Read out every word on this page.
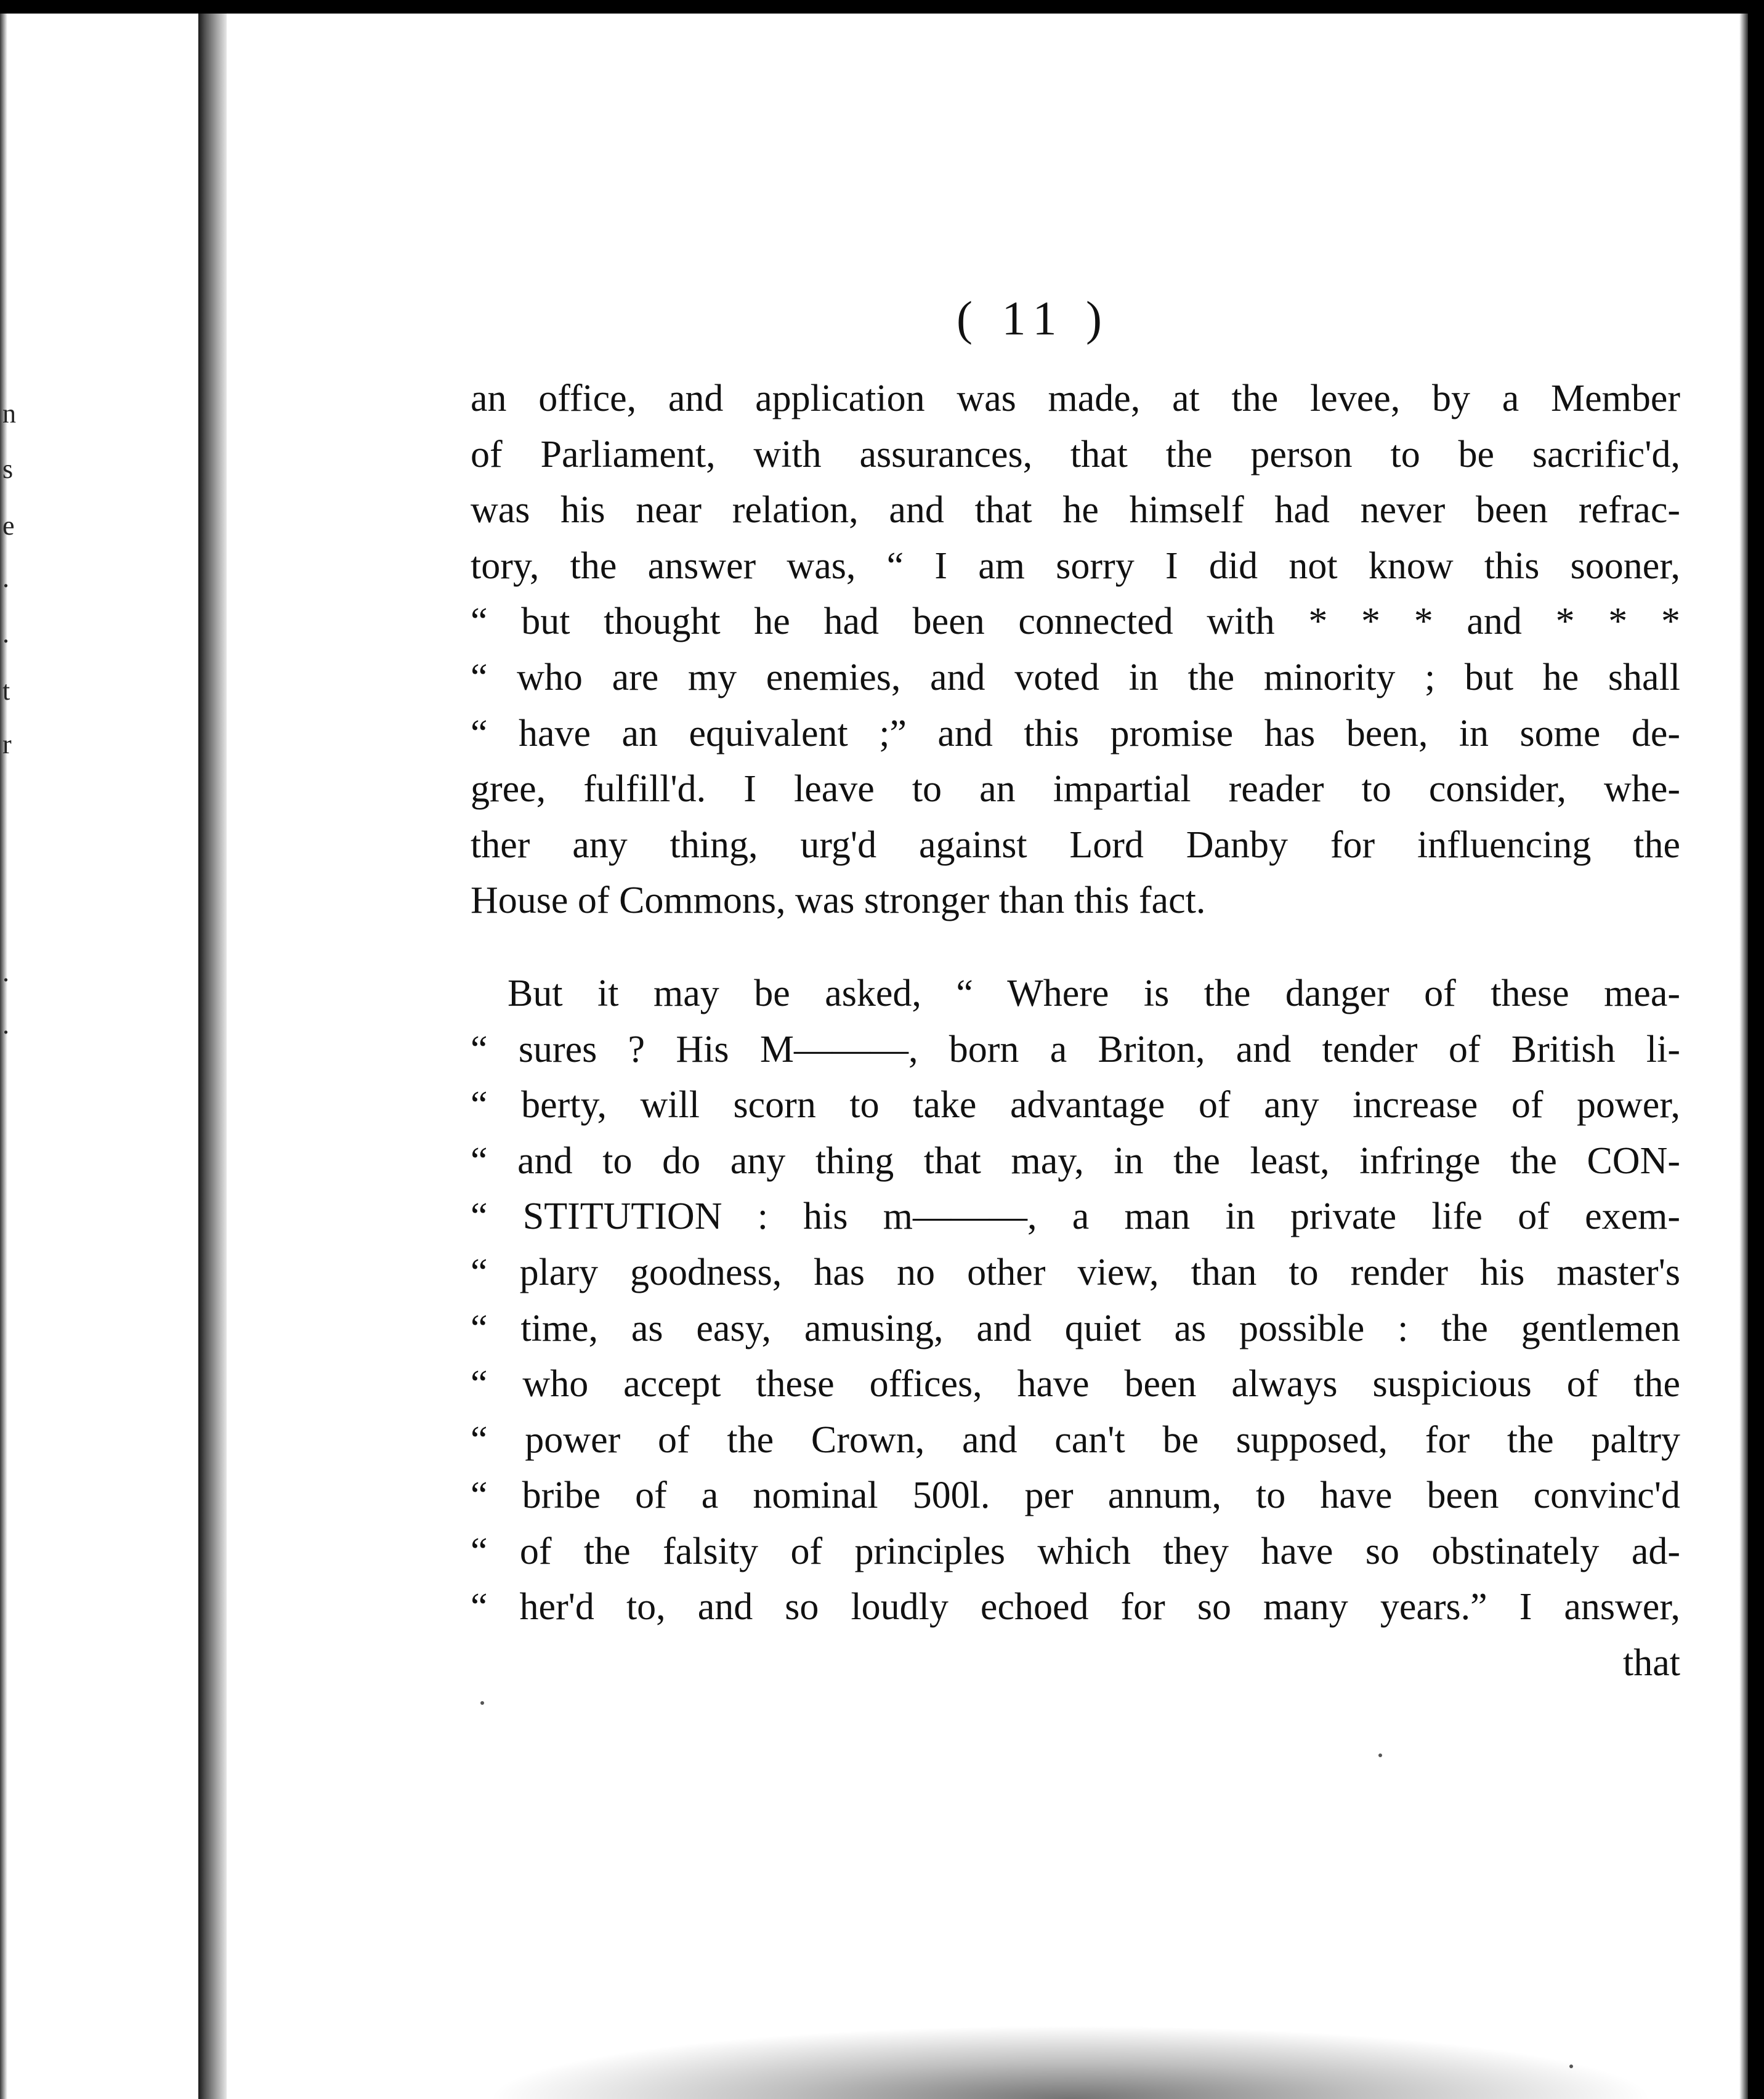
n
s
e
.
.
t
r
.
.
( 11 )
an office, and application was made, at the levee, by a Member
of Parliament, with assurances, that the person to be sacrific'd,
was his near relation, and that he himself had never been refrac-
tory, the answer was, “ I am sorry I did not know this sooner,
“ but thought he had been connected with * * * and * * *
“ who are my enemies, and voted in the minority ; but he shall
“ have an equivalent ;” and this promise has been, in some de-
gree, fulfill'd. I leave to an impartial reader to consider, whe-
ther any thing, urg'd against Lord Danby for influencing the
House of Commons, was stronger than this fact.
But it may be asked, “ Where is the danger of these mea-
“ sures ? His M———, born a Briton, and tender of British li-
“ berty, will scorn to take advantage of any increase of power,
“ and to do any thing that may, in the least, infringe the CON-
“ STITUTION : his m———, a man in private life of exem-
“ plary goodness, has no other view, than to render his master's
“ time, as easy, amusing, and quiet as possible : the gentlemen
“ who accept these offices, have been always suspicious of the
“ power of the Crown, and can't be supposed, for the paltry
“ bribe of a nominal 500l. per annum, to have been convinc'd
“ of the falsity of principles which they have so obstinately ad-
“ her'd to, and so loudly echoed for so many years.” I answer,
that
